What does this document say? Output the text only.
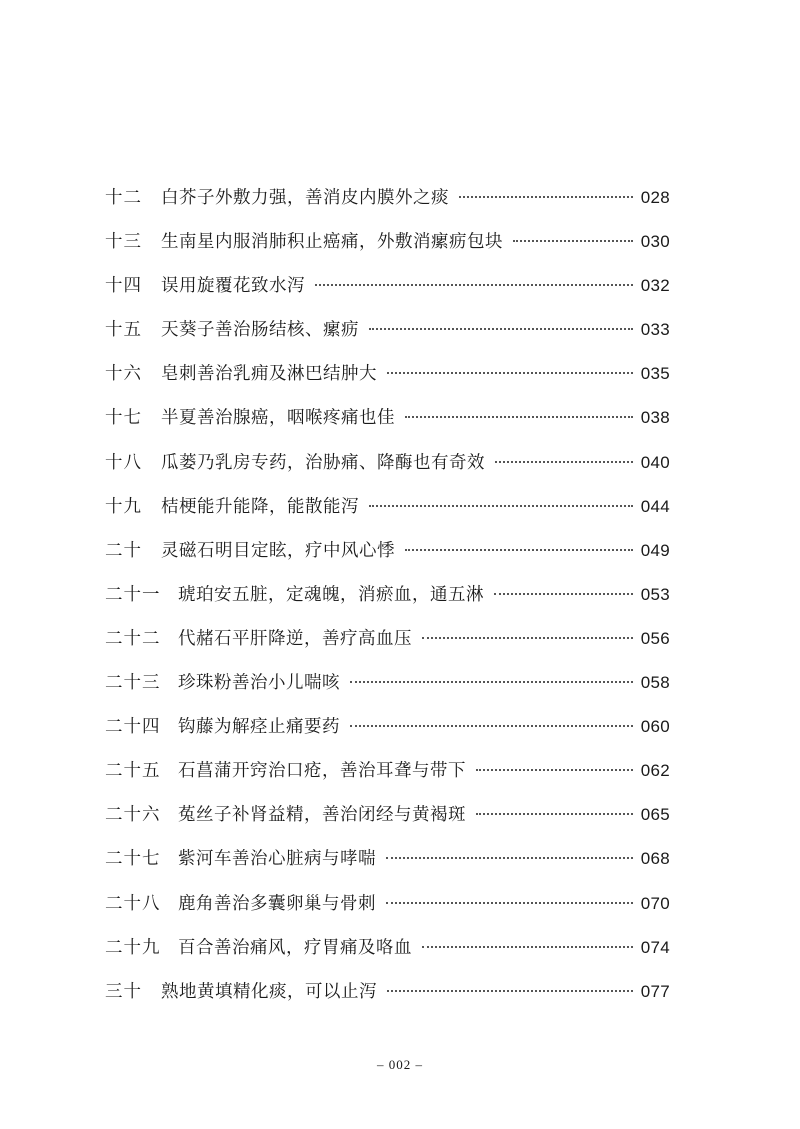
十二	白芥子外敷力强，善消皮内膜外之痰	028
十三	生南星内服消肺积止癌痛，外敷消瘰疬包块	030
十四	误用旋覆花致水泻	032
十五	天葵子善治肠结核、瘰疬	033
十六	皂刺善治乳痈及淋巴结肿大	035
十七	半夏善治腺癌，咽喉疼痛也佳	038
十八	瓜蒌乃乳房专药，治胁痛、降酶也有奇效	040
十九	桔梗能升能降，能散能泻	044
二十	灵磁石明目定眩，疗中风心悸	049
二十一	琥珀安五脏，定魂魄，消瘀血，通五淋	053
二十二	代赭石平肝降逆，善疗高血压	056
二十三	珍珠粉善治小儿喘咳	058
二十四	钩藤为解痉止痛要药	060
二十五	石菖蒲开窍治口疮，善治耳聋与带下	062
二十六	菟丝子补肾益精，善治闭经与黄褐斑	065
二十七	紫河车善治心脏病与哮喘	068
二十八	鹿角善治多囊卵巢与骨刺	070
二十九	百合善治痛风，疗胃痛及咯血	074
三十	熟地黄填精化痰，可以止泻	077
– 002 –
